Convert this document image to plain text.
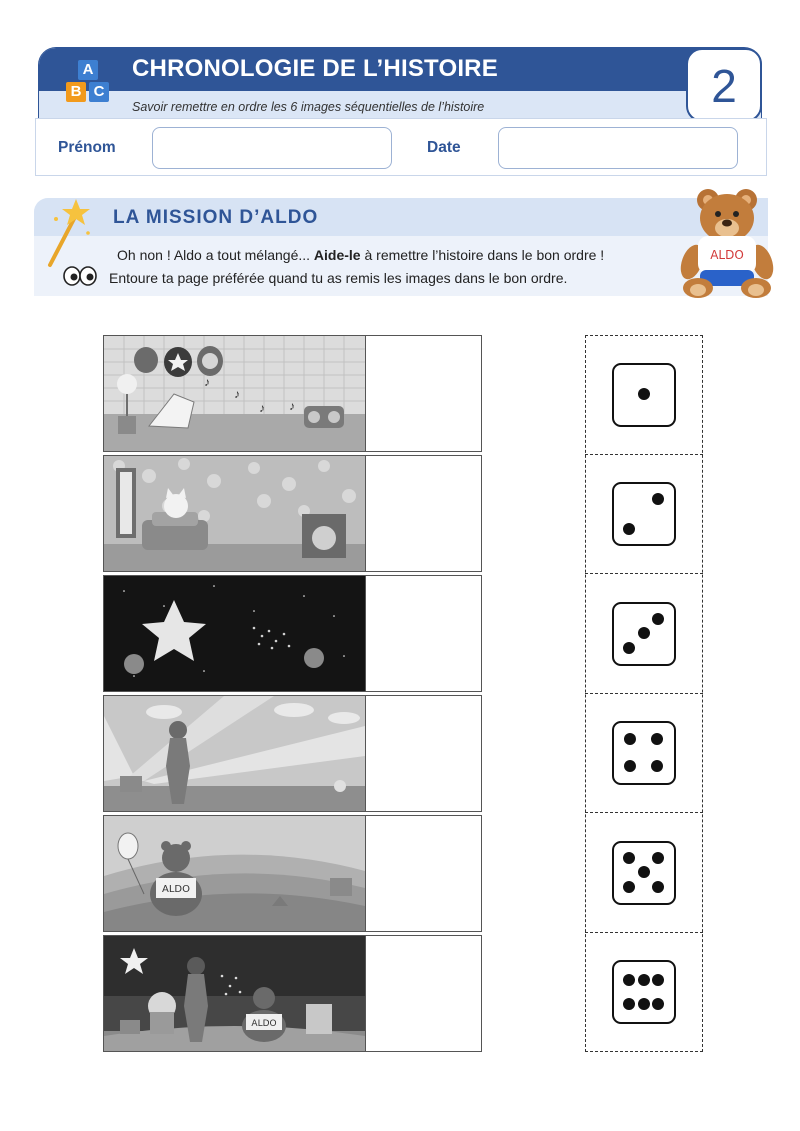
A
B C
CHRONOLOGIE DE L’HISTOIRE
Savoir remettre en ordre les 6 images séquentielles de l’histoire	2
Prénom	Date
LA MISSION D’ALDO
Oh non ! Aldo a tout mélangé... Aide-le à remettre l’histoire dans le bon ordre !
Entoure ta page préférée quand tu as remis les images dans le bon ordre.
ALDO
♪
♪
♪ ♪
ALDO
ALDO
